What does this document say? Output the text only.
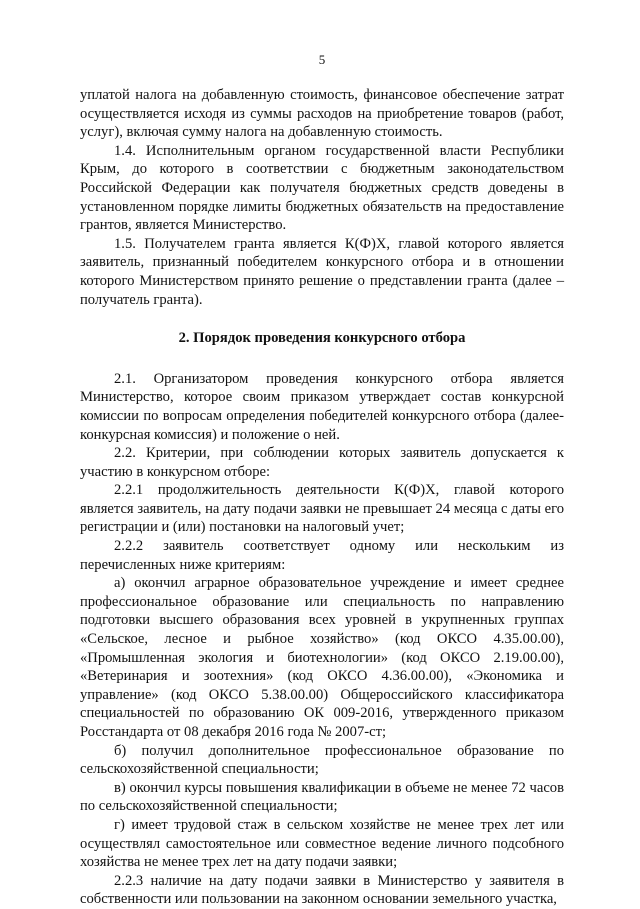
5

уплатой налога на добавленную стоимость, финансовое обеспечение затрат осуществляется исходя из суммы расходов на приобретение товаров (работ, услуг), включая сумму налога на добавленную стоимость.

1.4. Исполнительным органом государственной власти Республики Крым, до которого в соответствии с бюджетным законодательством Российской Федерации как получателя бюджетных средств доведены в установленном порядке лимиты бюджетных обязательств на предоставление грантов, является Министерство.

1.5. Получателем гранта является К(Ф)Х, главой которого является заявитель, признанный победителем конкурсного отбора и в отношении которого Министерством принято решение о представлении гранта (далее – получатель гранта).

2. Порядок проведения конкурсного отбора

2.1. Организатором проведения конкурсного отбора является Министерство, которое своим приказом утверждает состав конкурсной комиссии по вопросам определения победителей конкурсного отбора (далее-конкурсная комиссия) и положение о ней.

2.2. Критерии, при соблюдении которых заявитель допускается к участию в конкурсном отборе:

2.2.1 продолжительность деятельности К(Ф)Х, главой которого является заявитель, на дату подачи заявки не превышает 24 месяца с даты его регистрации и (или) постановки на налоговый учет;

2.2.2 заявитель соответствует одному или нескольким из перечисленных ниже критериям:

а) окончил аграрное образовательное учреждение и имеет среднее профессиональное образование или специальность по направлению подготовки высшего образования всех уровней в укрупненных группах «Сельское, лесное и рыбное хозяйство» (код ОКСО 4.35.00.00), «Промышленная экология и биотехнологии» (код ОКСО 2.19.00.00), «Ветеринария и зоотехния» (код ОКСО 4.36.00.00), «Экономика и управление» (код ОКСО 5.38.00.00) Общероссийского классификатора специальностей по образованию ОК 009-2016, утвержденного приказом Росстандарта от 08 декабря 2016 года № 2007-ст;

б) получил дополнительное профессиональное образование по сельскохозяйственной специальности;

в) окончил курсы повышения квалификации в объеме не менее 72 часов по сельскохозяйственной специальности;

г) имеет трудовой стаж в сельском хозяйстве не менее трех лет или осуществлял самостоятельное или совместное ведение личного подсобного хозяйства не менее трех лет на дату подачи заявки;

2.2.3 наличие на дату подачи заявки в Министерство у заявителя в собственности или пользовании на законном основании земельного участка,
